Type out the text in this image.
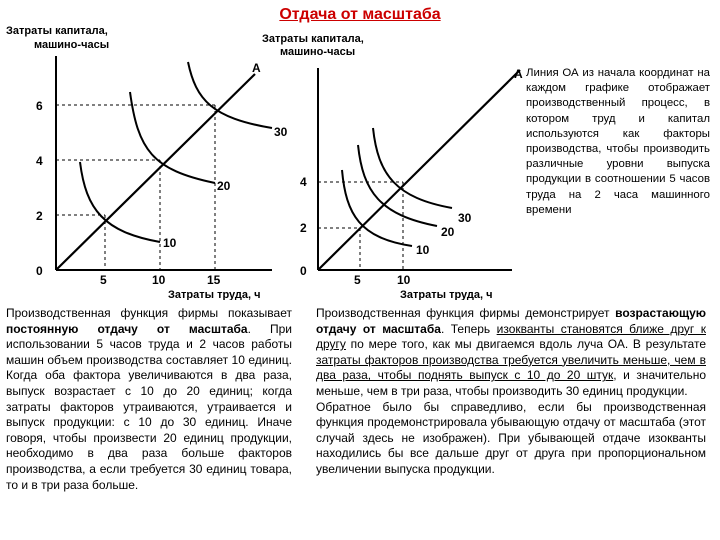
Отдача от масштаба
Затраты капитала,
машино-часы
6
4
2
0
5	10	15
Затраты труда, ч
А
10
20
30
Затраты капитала,
машино-часы
4
2
0
5	10
Затраты труда, ч
А
10
20
30
Линия ОА из начала координат на каждом графике отображает производственный процесс, в котором труд и капитал используются как факторы производства, чтобы производить различные уровни выпуска продукции в соотношении 5 часов труда на 2 часа машинного времени

Производственная функция фирмы показывает постоянную отдачу от масштаба. При использовании 5 часов труда и 2 часов работы машин объем производства составляет 10 единиц. Когда оба фактора увеличиваются в два раза, выпуск возрастает с 10 до 20 единиц; когда затраты факторов утраиваются, утраивается и выпуск продукции: с 10 до 30 единиц. Иначе говоря, чтобы произвести 20 единиц продукции, необходимо в два раза больше факторов производства, а если требуется 30 единиц товара, то и в три раза больше.

Производственная функция фирмы демонстрирует возрастающую отдачу от масштаба. Теперь изокванты становятся ближе друг к другу по мере того, как мы двигаемся вдоль луча ОА. В результате затраты факторов производства требуется увеличить меньше, чем в два раза, чтобы поднять выпуск с 10 до 20 штук, и значительно меньше, чем в три раза, чтобы производить 30 единиц продукции.

Обратное было бы справедливо, если бы производственная функция продемонстрировала убывающую отдачу от масштаба (этот случай здесь не изображен). При убывающей отдаче изокванты находились бы все дальше друг от друга при пропорциональном увеличении выпуска продукции.
